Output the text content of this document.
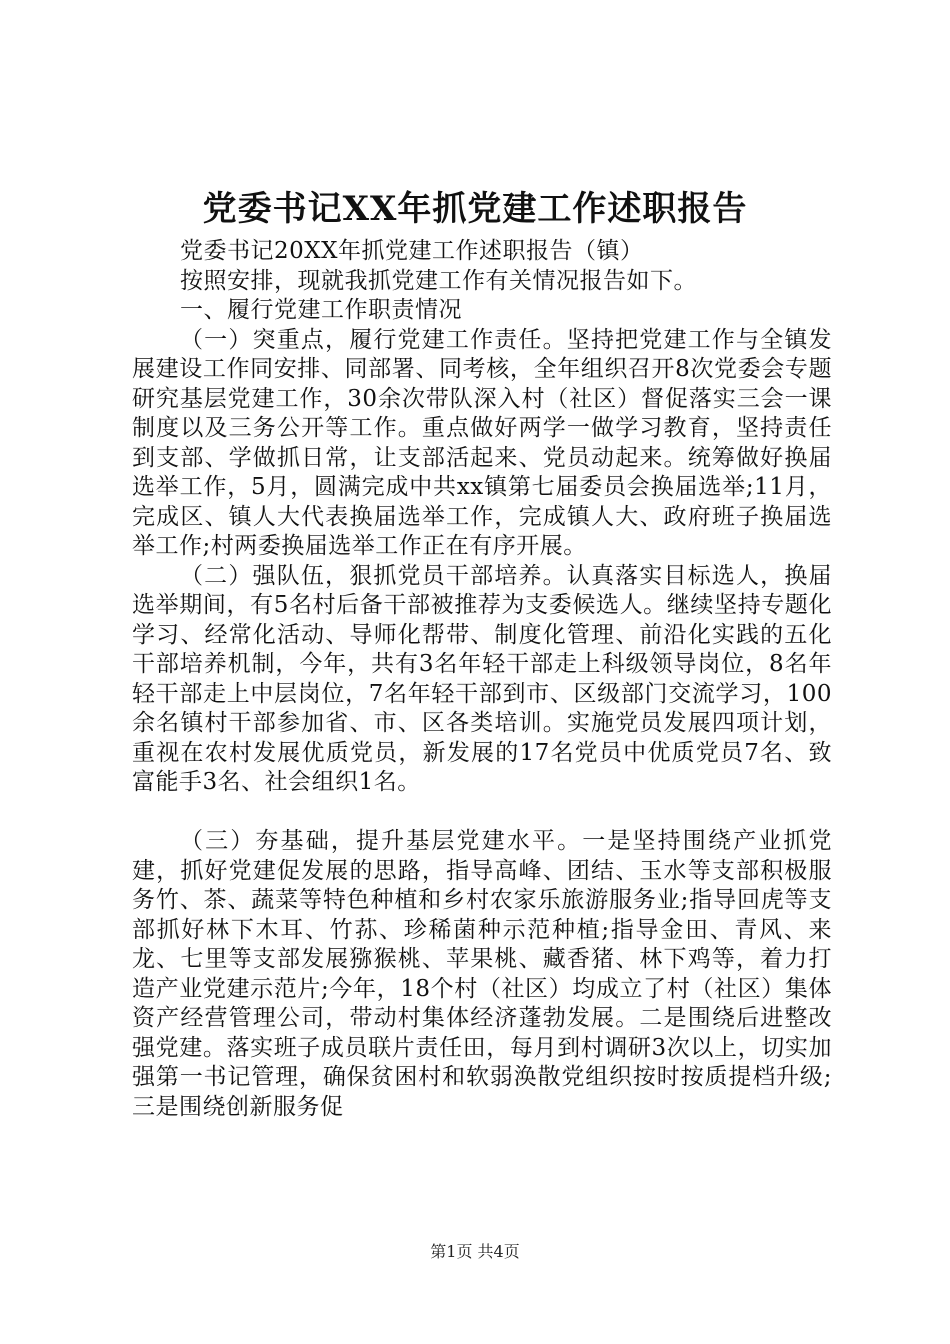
党委书记XX年抓党建工作述职报告

党委书记20XX年抓党建工作述职报告（镇）

按照安排，现就我抓党建工作有关情况报告如下。

一、履行党建工作职责情况

（一）突重点，履行党建工作责任。坚持把党建工作与全镇发展建设工作同安排、同部署、同考核，全年组织召开8次党委会专题研究基层党建工作，30余次带队深入村（社区）督促落实三会一课制度以及三务公开等工作。重点做好两学一做学习教育，坚持责任到支部、学做抓日常，让支部活起来、党员动起来。统筹做好换届选举工作，5月，圆满完成中共xx镇第七届委员会换届选举;11月，完成区、镇人大代表换届选举工作，完成镇人大、政府班子换届选举工作;村两委换届选举工作正在有序开展。

（二）强队伍，狠抓党员干部培养。认真落实目标选人，换届选举期间，有5名村后备干部被推荐为支委候选人。继续坚持专题化学习、经常化活动、导师化帮带、制度化管理、前沿化实践的五化干部培养机制，今年，共有3名年轻干部走上科级领导岗位，8名年轻干部走上中层岗位，7名年轻干部到市、区级部门交流学习，100余名镇村干部参加省、市、区各类培训。实施党员发展四项计划，重视在农村发展优质党员，新发展的17名党员中优质党员7名、致富能手3名、社会组织1名。

（三）夯基础，提升基层党建水平。一是坚持围绕产业抓党建，抓好党建促发展的思路，指导高峰、团结、玉水等支部积极服务竹、茶、蔬菜等特色种植和乡村农家乐旅游服务业;指导回虎等支部抓好林下木耳、竹荪、珍稀菌种示范种植;指导金田、青风、来龙、七里等支部发展猕猴桃、苹果桃、藏香猪、林下鸡等，着力打造产业党建示范片;今年，18个村（社区）均成立了村（社区）集体资产经营管理公司，带动村集体经济蓬勃发展。二是围绕后进整改强党建。落实班子成员联片责任田，每月到村调研3次以上，切实加强第一书记管理，确保贫困村和软弱涣散党组织按时按质提档升级;三是围绕创新服务促

第1页 共4页
